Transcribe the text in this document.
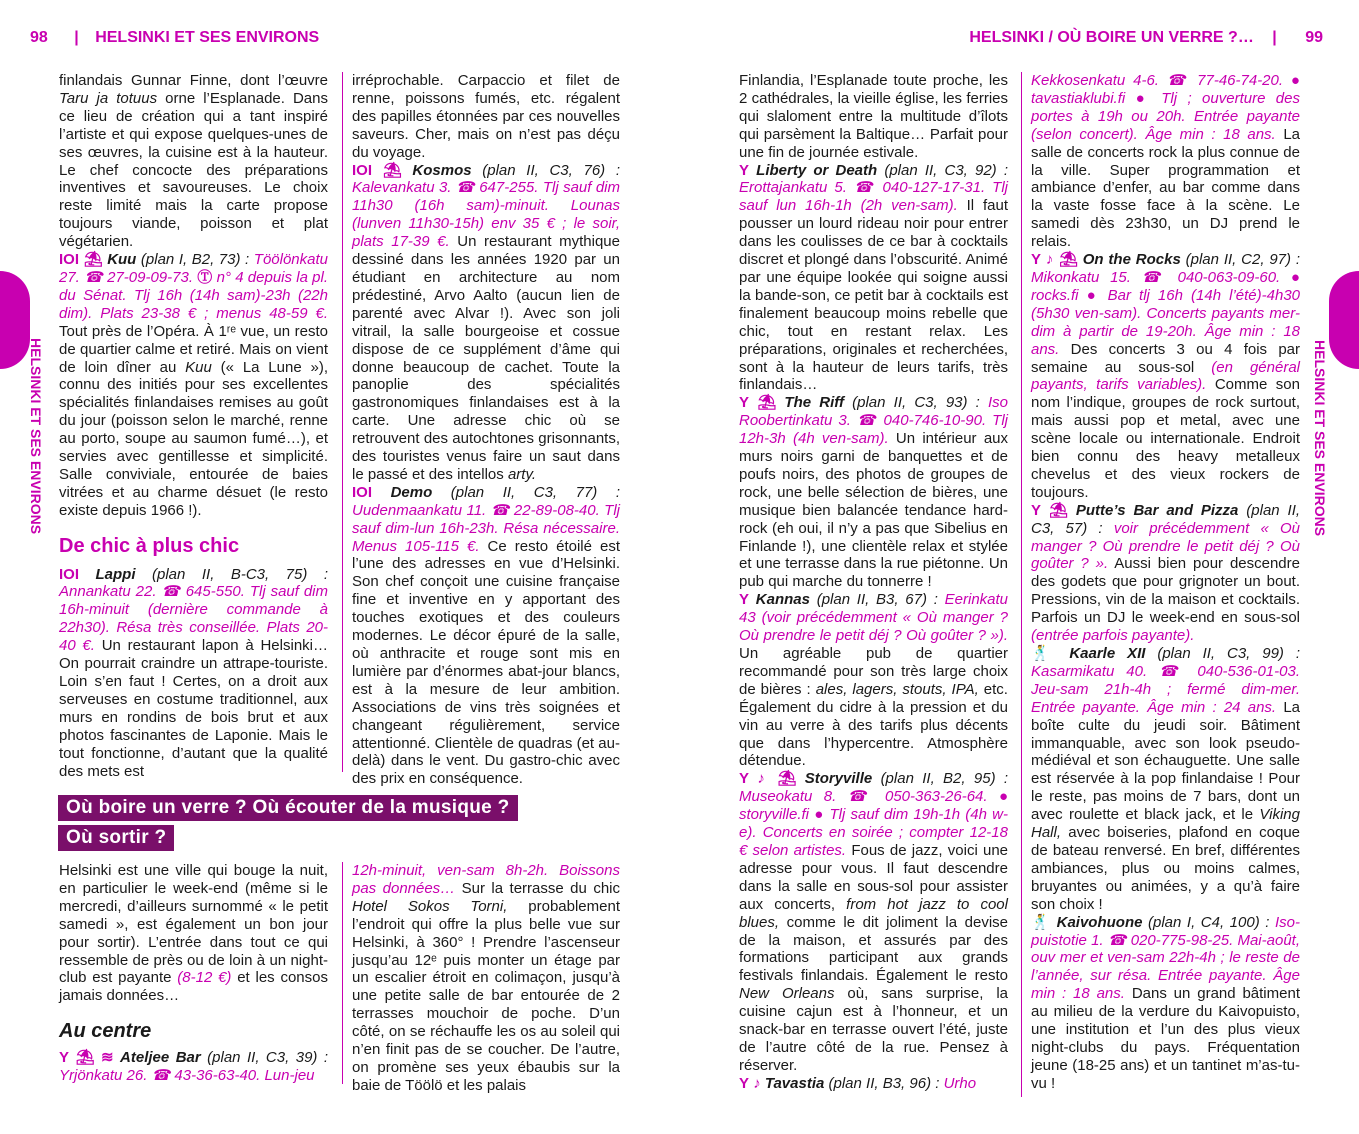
98 | HELSINKI ET SES ENVIRONS	HELSINKI / OÙ BOIRE UN VERRE ?… | 99
HELSINKI ET SES ENVIRONS	HELSINKI ET SES ENVIRONS

finlandais Gunnar Finne, dont l’œuvre Taru ja totuus orne l’Esplanade. Dans ce lieu de création qui a tant inspiré l’artiste et qui expose quelques-unes de ses œuvres, la cuisine est à la hauteur. Le chef concocte des préparations inventives et savoureuses. Le choix reste limité mais la carte propose toujours viande, poisson et plat végétarien.

IOI ⛱ Kuu (plan I, B2, 73) : Töölönkatu 27. ☎ 27-09-09-73. Ⓣ n° 4 depuis la pl. du Sénat. Tlj 16h (14h sam)-23h (22h dim). Plats 23-38 € ; menus 48-59 €. Tout près de l’Opéra. À 1ʳᵉ vue, un resto de quartier calme et retiré. Mais on vient de loin dîner au Kuu (« La Lune »), connu des initiés pour ses excellentes spécialités finlandaises remises au goût du jour (poisson selon le marché, renne au porto, soupe au saumon fumé…), et servies avec gentillesse et simplicité. Salle conviviale, entourée de baies vitrées et au charme désuet (le resto existe depuis 1966 !).

De chic à plus chic

IOI Lappi (plan II, B-C3, 75) : Annankatu 22. ☎ 645-550. Tlj sauf dim 16h-minuit (dernière commande à 22h30). Résa très conseillée. Plats 20-40 €. Un restaurant lapon à Helsinki… On pourrait craindre un attrape-touriste. Loin s’en faut ! Certes, on a droit aux serveuses en costume traditionnel, aux murs en rondins de bois brut et aux photos fascinantes de Laponie. Mais le tout fonctionne, d’autant que la qualité des mets est

irréprochable. Carpaccio et filet de renne, poissons fumés, etc. régalent des papilles étonnées par ces nouvelles saveurs. Cher, mais on n’est pas déçu du voyage.

IOI ⛱ Kosmos (plan II, C3, 76) : Kalevankatu 3. ☎ 647-255. Tlj sauf dim 11h30 (16h sam)-minuit. Lounas (lunven 11h30-15h) env 35 € ; le soir, plats 17-39 €. Un restaurant mythique dessiné dans les années 1920 par un étudiant en architecture au nom prédestiné, Arvo Aalto (aucun lien de parenté avec Alvar !). Avec son joli vitrail, la salle bourgeoise et cossue dispose de ce supplément d’âme qui donne beaucoup de cachet. Toute la panoplie des spécialités gastronomiques finlandaises est à la carte. Une adresse chic où se retrouvent des autochtones grisonnants, des touristes venus faire un saut dans le passé et des intellos arty.

IOI Demo (plan II, C3, 77) : Uudenmaankatu 11. ☎ 22-89-08-40. Tlj sauf dim-lun 16h-23h. Résa nécessaire. Menus 105-115 €. Ce resto étoilé est l’une des adresses en vue d’Helsinki. Son chef conçoit une cuisine française fine et inventive en y apportant des touches exotiques et des couleurs modernes. Le décor épuré de la salle, où anthracite et rouge sont mis en lumière par d’énormes abat-jour blancs, est à la mesure de leur ambition. Associations de vins très soignées et changeant régulièrement, service attentionné. Clientèle de quadras (et au-delà) dans le vent. Du gastro-chic avec des prix en conséquence.

Où boire un verre ? Où écouter de la musique ?
Où sortir ?

Helsinki est une ville qui bouge la nuit, en particulier le week-end (même si le mercredi, d’ailleurs surnommé « le petit samedi », est également un bon jour pour sortir). L’entrée dans tout ce qui ressemble de près ou de loin à un night-club est payante (8-12 €) et les consos jamais données…

Au centre

Y ⛱ ≋ Ateljee Bar (plan II, C3, 39) : Yrjönkatu 26. ☎ 43-36-63-40. Lun-jeu

12h-minuit, ven-sam 8h-2h. Boissons pas données… Sur la terrasse du chic Hotel Sokos Torni, probablement l’endroit qui offre la plus belle vue sur Helsinki, à 360° ! Prendre l’ascenseur jusqu’au 12ᵉ puis monter un étage par un escalier étroit en colimaçon, jusqu’à une petite salle de bar entourée de 2 terrasses mouchoir de poche. D’un côté, on se réchauffe les os au soleil qui n’en finit pas de se coucher. De l’autre, on promène ses yeux ébaubis sur la baie de Töölö et les palais

Finlandia, l’Esplanade toute proche, les 2 cathédrales, la vieille église, les ferries qui slaloment entre la multitude d’îlots qui parsèment la Baltique… Parfait pour une fin de journée estivale.

Y Liberty or Death (plan II, C3, 92) : Erottajankatu 5. ☎ 040-127-17-31. Tlj sauf lun 16h-1h (2h ven-sam). Il faut pousser un lourd rideau noir pour entrer dans les coulisses de ce bar à cocktails discret et plongé dans l’obscurité. Animé par une équipe lookée qui soigne aussi la bande-son, ce petit bar à cocktails est finalement beaucoup moins rebelle que chic, tout en restant relax. Les préparations, originales et recherchées, sont à la hauteur de leurs tarifs, très finlandais…

Y ⛱ The Riff (plan II, C3, 93) : Iso Roobertinkatu 3. ☎ 040-746-10-90. Tlj 12h-3h (4h ven-sam). Un intérieur aux murs noirs garni de banquettes et de poufs noirs, des photos de groupes de rock, une belle sélection de bières, une musique bien balancée tendance hard-rock (eh oui, il n’y a pas que Sibelius en Finlande !), une clientèle relax et stylée et une terrasse dans la rue piétonne. Un pub qui marche du tonnerre !

Y Kannas (plan II, B3, 67) : Eerinkatu 43 (voir précédemment « Où manger ? Où prendre le petit déj ? Où goûter ? »). Un agréable pub de quartier recommandé pour son très large choix de bières : ales, lagers, stouts, IPA, etc. Également du cidre à la pression et du vin au verre à des tarifs plus décents que dans l’hypercentre. Atmosphère détendue.

Y ♪ ⛱ Storyville (plan II, B2, 95) : Museokatu 8. ☎ 050-363-26-64. ● storyville.fi ● Tlj sauf dim 19h-1h (4h w-e). Concerts en soirée ; compter 12-18 € selon artistes. Fous de jazz, voici une adresse pour vous. Il faut descendre dans la salle en sous-sol pour assister aux concerts, from hot jazz to cool blues, comme le dit joliment la devise de la maison, et assurés par des formations participant aux grands festivals finlandais. Également le resto New Orleans où, sans surprise, la cuisine cajun est à l’honneur, et un snack-bar en terrasse ouvert l’été, juste de l’autre côté de la rue. Pensez à réserver.

Y ♪ Tavastia (plan II, B3, 96) : Urho

Kekkosenkatu 4-6. ☎ 77-46-74-20. ● tavastiaklubi.fi ● Tlj ; ouverture des portes à 19h ou 20h. Entrée payante (selon concert). Âge min : 18 ans. La salle de concerts rock la plus connue de la ville. Super programmation et ambiance d’enfer, au bar comme dans la vaste fosse face à la scène. Le samedi dès 23h30, un DJ prend le relais.

Y ♪ ⛱ On the Rocks (plan II, C2, 97) : Mikonkatu 15. ☎ 040-063-09-60. ● rocks.fi ● Bar tlj 16h (14h l’été)-4h30 (5h30 ven-sam). Concerts payants mer-dim à partir de 19-20h. Âge min : 18 ans. Des concerts 3 ou 4 fois par semaine au sous-sol (en général payants, tarifs variables). Comme son nom l’indique, groupes de rock surtout, mais aussi pop et metal, avec une scène locale ou internationale. Endroit bien connu des heavy metalleux chevelus et des vieux rockers de toujours.

Y ⛱ Putte’s Bar and Pizza (plan II, C3, 57) : voir précédemment « Où manger ? Où prendre le petit déj ? Où goûter ? ». Aussi bien pour descendre des godets que pour grignoter un bout. Pressions, vin de la maison et cocktails. Parfois un DJ le week-end en sous-sol (entrée parfois payante).

🕺 Kaarle XII (plan II, C3, 99) : Kasarmikatu 40. ☎ 040-536-01-03. Jeu-sam 21h-4h ; fermé dim-mer. Entrée payante. Âge min : 24 ans. La boîte culte du jeudi soir. Bâtiment immanquable, avec son look pseudo-médiéval et son échauguette. Une salle est réservée à la pop finlandaise ! Pour le reste, pas moins de 7 bars, dont un avec roulette et black jack, et le Viking Hall, avec boiseries, plafond en coque de bateau renversé. En bref, différentes ambiances, plus ou moins calmes, bruyantes ou animées, y a qu’à faire son choix !

🕺 Kaivohuone (plan I, C4, 100) : Iso-puistotie 1. ☎ 020-775-98-25. Mai-août, ouv mer et ven-sam 22h-4h ; le reste de l’année, sur résa. Entrée payante. Âge min : 18 ans. Dans un grand bâtiment au milieu de la verdure du Kaivopuisto, une institution et l’un des plus vieux night-clubs du pays. Fréquentation jeune (18-25 ans) et un tantinet m’as-tu-vu !
